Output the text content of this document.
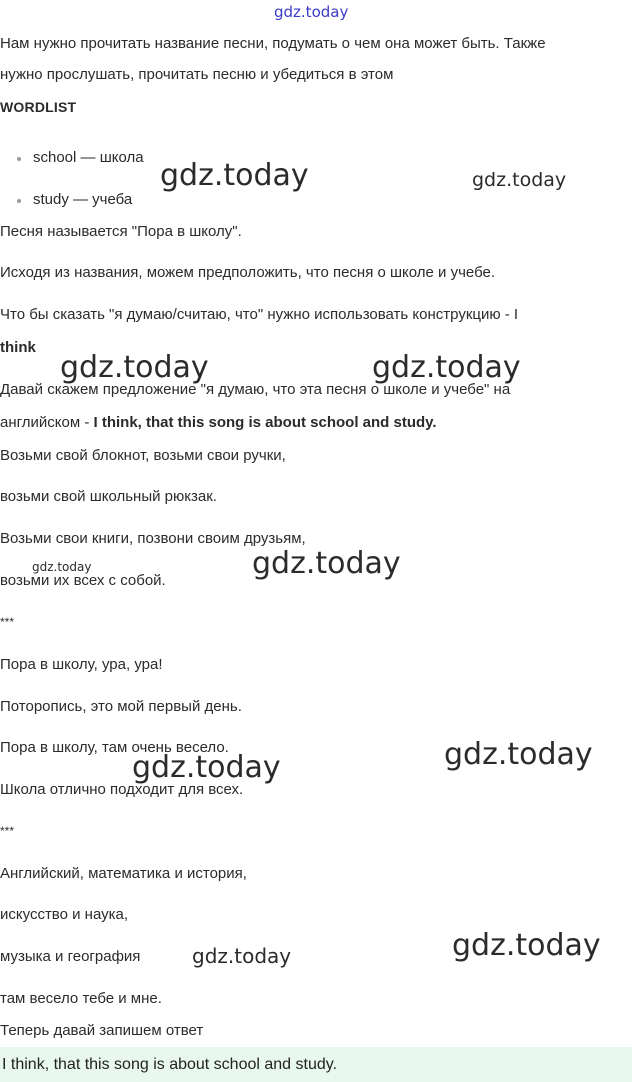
gdz.today
Нам нужно прочитать название песни, подумать о чем она может быть. Также
нужно прослушать, прочитать песню и убедиться в этом
WORDLIST
school — школа
study — учеба
Песня называется "Пора в школу".
Исходя из названия, можем предположить, что песня о школе и учебе.
Что бы сказать "я думаю/считаю, что" нужно использовать конструкцию - I
think
Давай скажем предложение "я думаю, что эта песня о школе и учебе" на
английском - I think, that this song is about school and study.
Возьми свой блокнот, возьми свои ручки,
возьми свой школьный рюкзак.
Возьми свои книги, позвони своим друзьям,
возьми их всех с собой.
***
Пора в школу, ура, ура!
Поторопись, это мой первый день.
Пора в школу, там очень весело.
Школа отлично подходит для всех.
***
Английский, математика и история,
искусство и наука,
музыка и география
там весело тебе и мне.
Теперь давай запишем ответ
I think, that this song is about school and study.
gdz.today	gdz.today
gdz.today	gdz.today
gdz.today	gdz.today
gdz.today
gdz.today
gdz.today	gdz.today
